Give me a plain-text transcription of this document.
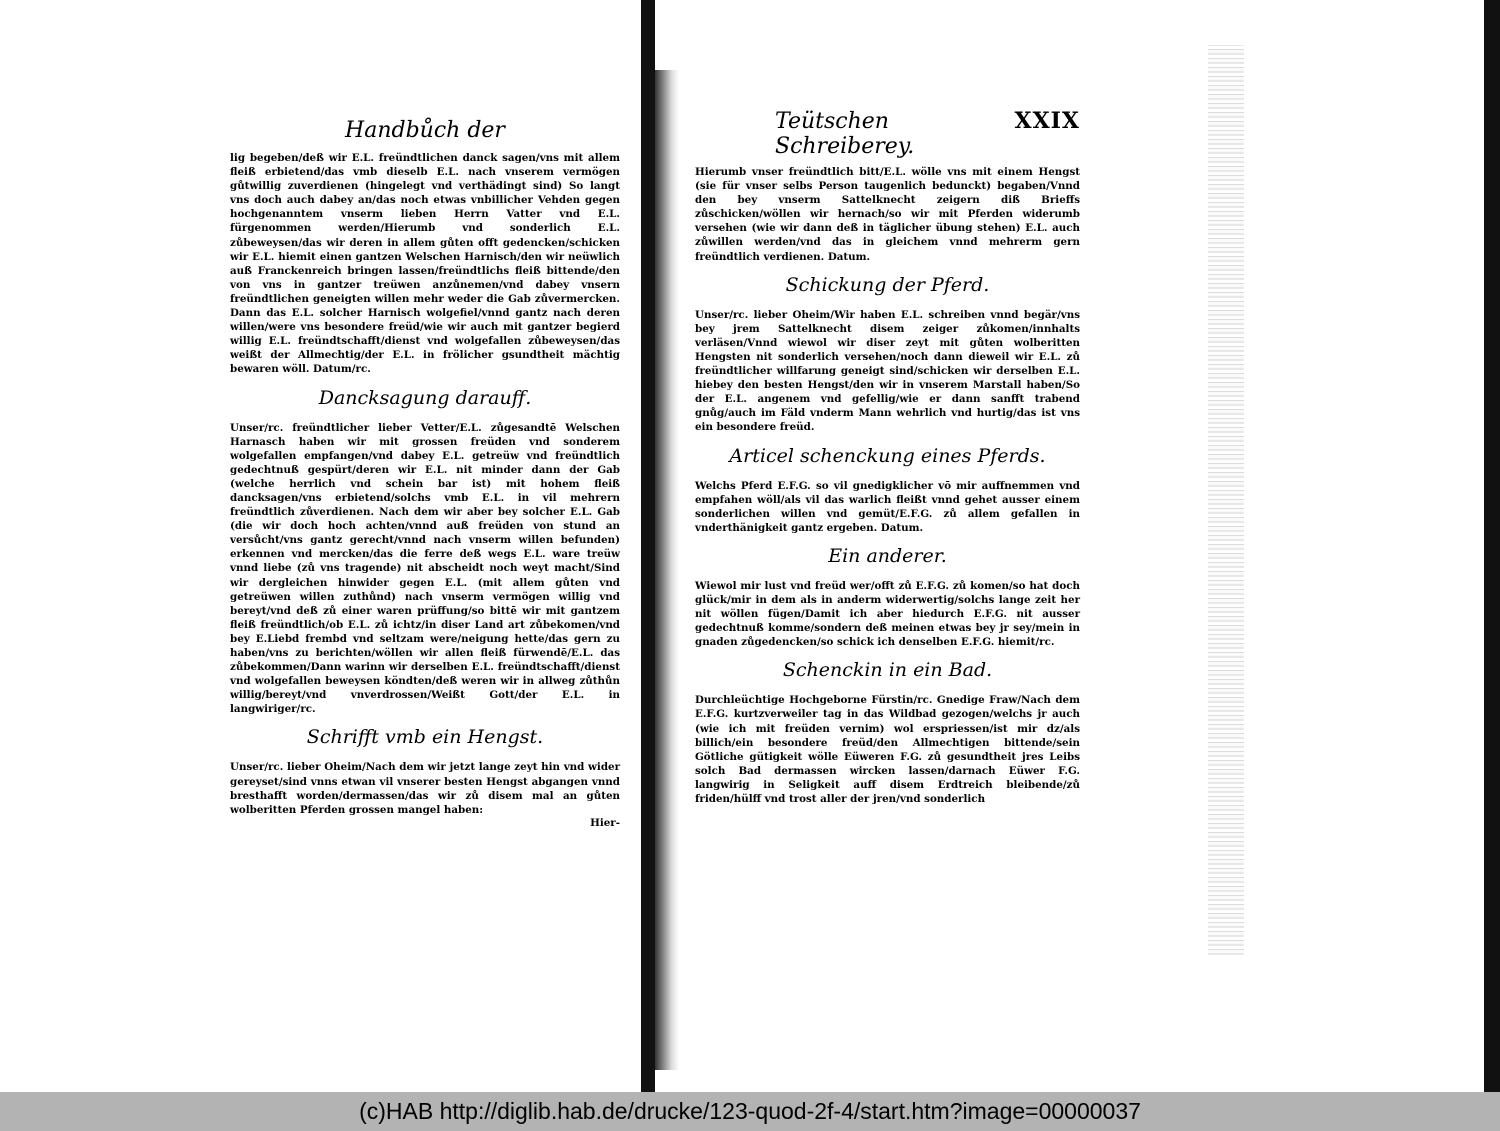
Handbůch der

lig begeben/deß wir E.L. freündtlichen danck sagen/vns mit allem fleiß erbietend/das vmb dieselb E.L. nach vnserem vermögen gůtwillig zuverdienen (hingelegt vnd verthädingt sind) So langt vns doch auch dabey an/das noch etwas vnbillicher Vehden gegen hochgenanntem vnserm lieben Herrn Vatter vnd E.L. fürgenommen werden/Hierumb vnd sonderlich E.L. zůbeweysen/das wir deren in allem gůten offt gedencken/schicken wir E.L. hiemit einen gantzen Welschen Harnisch/den wir neüwlich auß Franckenreich bringen lassen/freündtlichs fleiß bittende/den von vns in gantzer treüwen anzůnemen/vnd dabey vnsern freündtlichen geneigten willen mehr weder die Gab zůvermercken. Dann das E.L. solcher Harnisch wolgefiel/vnnd gantz nach deren willen/were vns besondere freüd/wie wir auch mit gantzer begierd willig E.L. freündtschafft/dienst vnd wolgefallen zůbeweysen/das weißt der Allmechtig/der E.L. in frölicher gsundtheit mächtig bewaren wöll. Datum/rc.

Dancksagung darauff.

Unser/rc. freündtlicher lieber Vetter/E.L. zůgesandtē Welschen Harnasch haben wir mit grossen freüden vnd sonderem wolgefallen empfangen/vnd dabey E.L. getreüw vnd freündtlich gedechtnuß gespürt/deren wir E.L. nit minder dann der Gab (welche herrlich vnd schein bar ist) mit hohem fleiß dancksagen/vns erbietend/solchs vmb E.L. in vil mehrern freündtlich zůverdienen. Nach dem wir aber bey solcher E.L. Gab (die wir doch hoch achten/vnnd auß freüden von stund an versůcht/vns gantz gerecht/vnnd nach vnserm willen befunden) erkennen vnd mercken/das die ferre deß wegs E.L. ware treüw vnnd liebe (zů vns tragende) nit abscheidt noch weyt macht/Sind wir dergleichen hinwider gegen E.L. (mit allem gůten vnd getreüwen willen zuthůnd) nach vnserm vermögen willig vnd bereyt/vnd deß zů einer waren prüffung/so bittē wir mit gantzem fleiß freündtlich/ob E.L. zů ichtz/in diser Land art zůbekomen/vnd bey E.Liebd frembd vnd seltzam were/neigung hette/das gern zu haben/vns zu berichten/wöllen wir allen fleiß fürwendē/E.L. das zůbekommen/Dann warinn wir derselben E.L. freündtschafft/dienst vnd wolgefallen beweysen köndten/deß weren wir in allweg zůthůn willig/bereyt/vnd vnverdrossen/Weißt Gott/der E.L. in langwiriger/rc.

Schrifft vmb ein Hengst.

Unser/rc. lieber Oheim/Nach dem wir jetzt lange zeyt hin vnd wider gereyset/sind vnns etwan vil vnserer besten Hengst abgangen vnnd bresthafft worden/dermassen/das wir zů disem mal an gůten wolberitten Pferden grossen mangel haben:

Hier-
Teütschen Schreiberey.
XXIX

Hierumb vnser freündtlich bitt/E.L. wölle vns mit einem Hengst (sie für vnser selbs Person taugenlich bedunckt) begaben/Vnnd den bey vnserm Sattelknecht zeigern diß Brieffs zůschicken/wöllen wir hernach/so wir mit Pferden widerumb versehen (wie wir dann deß in täglicher übung stehen) E.L. auch zůwillen werden/vnd das in gleichem vnnd mehrerm gern freündtlich verdienen. Datum.

Schickung der Pferd.

Unser/rc. lieber Oheim/Wir haben E.L. schreiben vnnd begär/vns bey jrem Sattelknecht disem zeiger zůkomen/innhalts verläsen/Vnnd wiewol wir diser zeyt mit gůten wolberitten Hengsten nit sonderlich versehen/noch dann dieweil wir E.L. zů freündtlicher willfarung geneigt sind/schicken wir derselben E.L. hiebey den besten Hengst/den wir in vnserem Marstall haben/So der E.L. angenem vnd gefellig/wie er dann sanfft trabend gnůg/auch im Fäld vnderm Mann wehrlich vnd hurtig/das ist vns ein besondere freüd.

Articel schenckung eines Pferds.

Welchs Pferd E.F.G. so vil gnedigklicher vō mir auffnemmen vnd empfahen wöll/als vil das warlich fleißt vnnd gehet ausser einem sonderlichen willen vnd gemüt/E.F.G. zů allem gefallen in vnderthänigkeit gantz ergeben. Datum.

Ein anderer.

Wiewol mir lust vnd freüd wer/offt zů E.F.G. zů komen/so hat doch glück/mir in dem als in anderm widerwertig/solchs lange zeit her nit wöllen fügen/Damit ich aber hiedurch E.F.G. nit ausser gedechtnuß komme/sondern deß meinen etwas bey jr sey/mein in gnaden zůgedencken/so schick ich denselben E.F.G. hiemit/rc.

Schenckin in ein Bad.

Durchleüchtige Hochgeborne Fürstin/rc. Gnedige Fraw/Nach dem E.F.G. kurtzverweiler tag in das Wildbad gezogen/welchs jr auch (wie ich mit freüden vernim) wol erspriessen/ist mir dz/als billich/ein besondere freüd/den Allmechtigen bittende/sein Götliche gütigkeit wölle Eüweren F.G. zů gesundtheit jres Leibs solch Bad dermassen wircken lassen/darnach Eüwer F.G. langwirig in Seligkeit auff disem Erdtreich bleibende/zů friden/hülff vnd trost aller der jren/vnd sonderlich

(c)HAB http://diglib.hab.de/drucke/123-quod-2f-4/start.htm?image=00000037
